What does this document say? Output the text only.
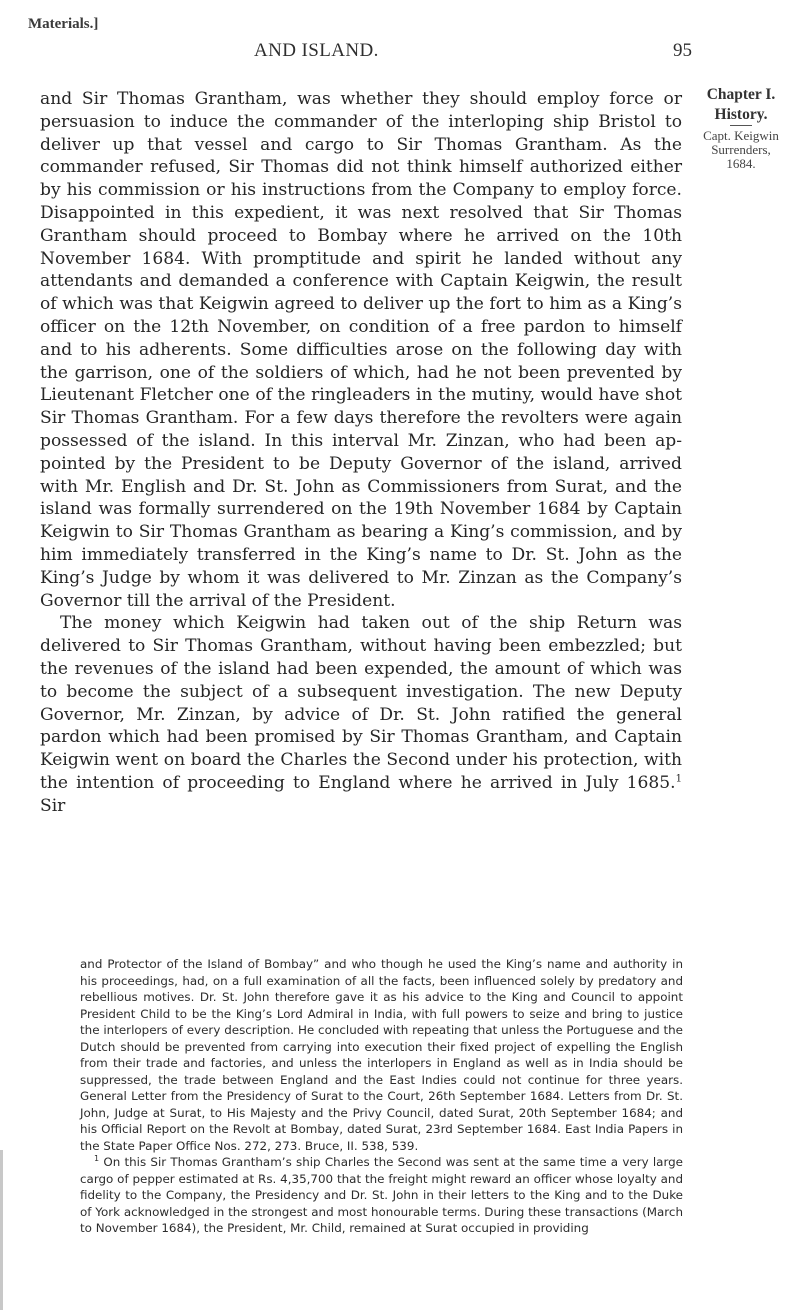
Materials.]
AND ISLAND.	95

and Sir Thomas Grantham, was whether they should employ force or persuasion to induce the commander of the interloping ship Bristol to deliver up that vessel and cargo to Sir Thomas Grantham. As the commander refused, Sir Thomas did not think himself authorized either by his commission or his instructions from the Company to employ force. Disappointed in this expedient, it was next resolved that Sir Thomas Grantham should proceed to Bombay where he arrived on the 10th November 1684. With promptitude and spirit he landed without any attendants and demanded a conference with Captain Keigwin, the result of which was that Keigwin agreed to deliver up the fort to him as a King’s officer on the 12th November, on condition of a free pardon to himself and to his adherents. Some difficulties arose on the following day with the garrison, one of the soldiers of which, had he not been prevented by Lieutenant Fletcher one of the ringleaders in the mutiny, would have shot Sir Thomas Grantham. For a few days therefore the revolters were again possessed of the island. In this interval Mr. Zinzan, who had been appointed by the President to be Deputy Governor of the island, arrived with Mr. English and Dr. St. John as Commissioners from Surat, and the island was formally surrendered on the 19th November 1684 by Captain Keigwin to Sir Thomas Grantham as bearing a King’s commission, and by him immediately transferred in the King’s name to Dr. St. John as the King’s Judge by whom it was delivered to Mr. Zinzan as the Company’s Governor till the arrival of the President.

The money which Keigwin had taken out of the ship Return was delivered to Sir Thomas Grantham, without having been embezzled; but the revenues of the island had been expended, the amount of which was to become the subject of a subsequent investigation. The new Deputy Governor, Mr. Zinzan, by advice of Dr. St. John ratified the general pardon which had been promised by Sir Thomas Grantham, and Captain Keigwin went on board the Charles the Second under his protection, with the intention of proceeding to England where he arrived in July 1685.$^1$ Sir

Chapter I.
History.
Capt. Keigwin
Surrenders,
1684.

and Protector of the Island of Bombay” and who though he used the King’s name and authority in his proceedings, had, on a full examination of all the facts, been influenced solely by predatory and rebellious motives. Dr. St. John therefore gave it as his advice to the King and Council to appoint President Child to be the King’s Lord Admiral in India, with full powers to seize and bring to justice the interlopers of every description. He concluded with repeating that unless the Portuguese and the Dutch should be prevented from carrying into execution their fixed project of expelling the English from their trade and factories, and unless the interlopers in England as well as in India should be suppressed, the trade between England and the East Indies could not continue for three years. General Letter from the Presidency of Surat to the Court, 26th September 1684. Letters from Dr. St. John, Judge at Surat, to His Majesty and the Privy Council, dated Surat, 20th September 1684; and his Official Report on the Revolt at Bombay, dated Surat, 23rd September 1684. East India Papers in the State Paper Office Nos. 272, 273. Bruce, II. 538, 539.

$^1$ On this Sir Thomas Grantham’s ship Charles the Second was sent at the same time a very large cargo of pepper estimated at Rs. 4,35,700 that the freight might reward an officer whose loyalty and fidelity to the Company, the Presidency and Dr. St. John in their letters to the King and to the Duke of York acknowledged in the strongest and most honourable terms. During these transactions (March to November 1684), the President, Mr. Child, remained at Surat occupied in providing
